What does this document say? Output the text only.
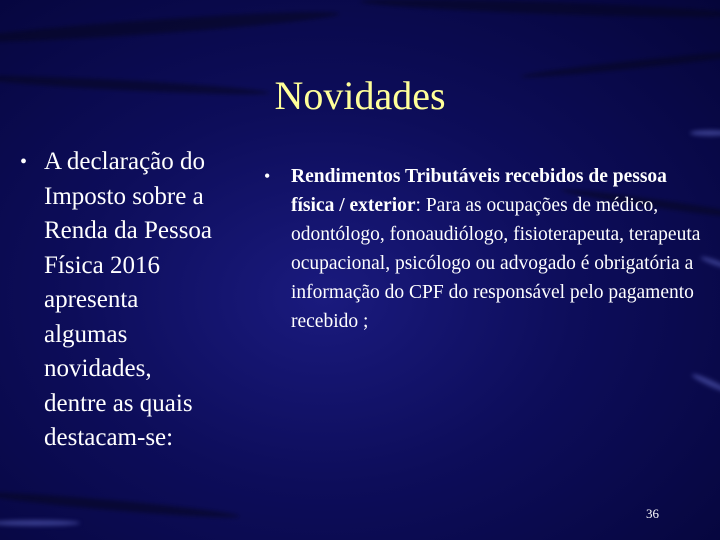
Novidades
• A declaração do Imposto sobre a Renda da Pessoa Física 2016 apresenta algumas novidades, dentre as quais destacam-se:
• Rendimentos Tributáveis recebidos de pessoa física / exterior: Para as ocupações de médico, odontólogo, fonoaudiólogo, fisioterapeuta, terapeuta ocupacional, psicólogo ou advogado é obrigatória a informação do CPF do responsável pelo pagamento recebido ;
36
